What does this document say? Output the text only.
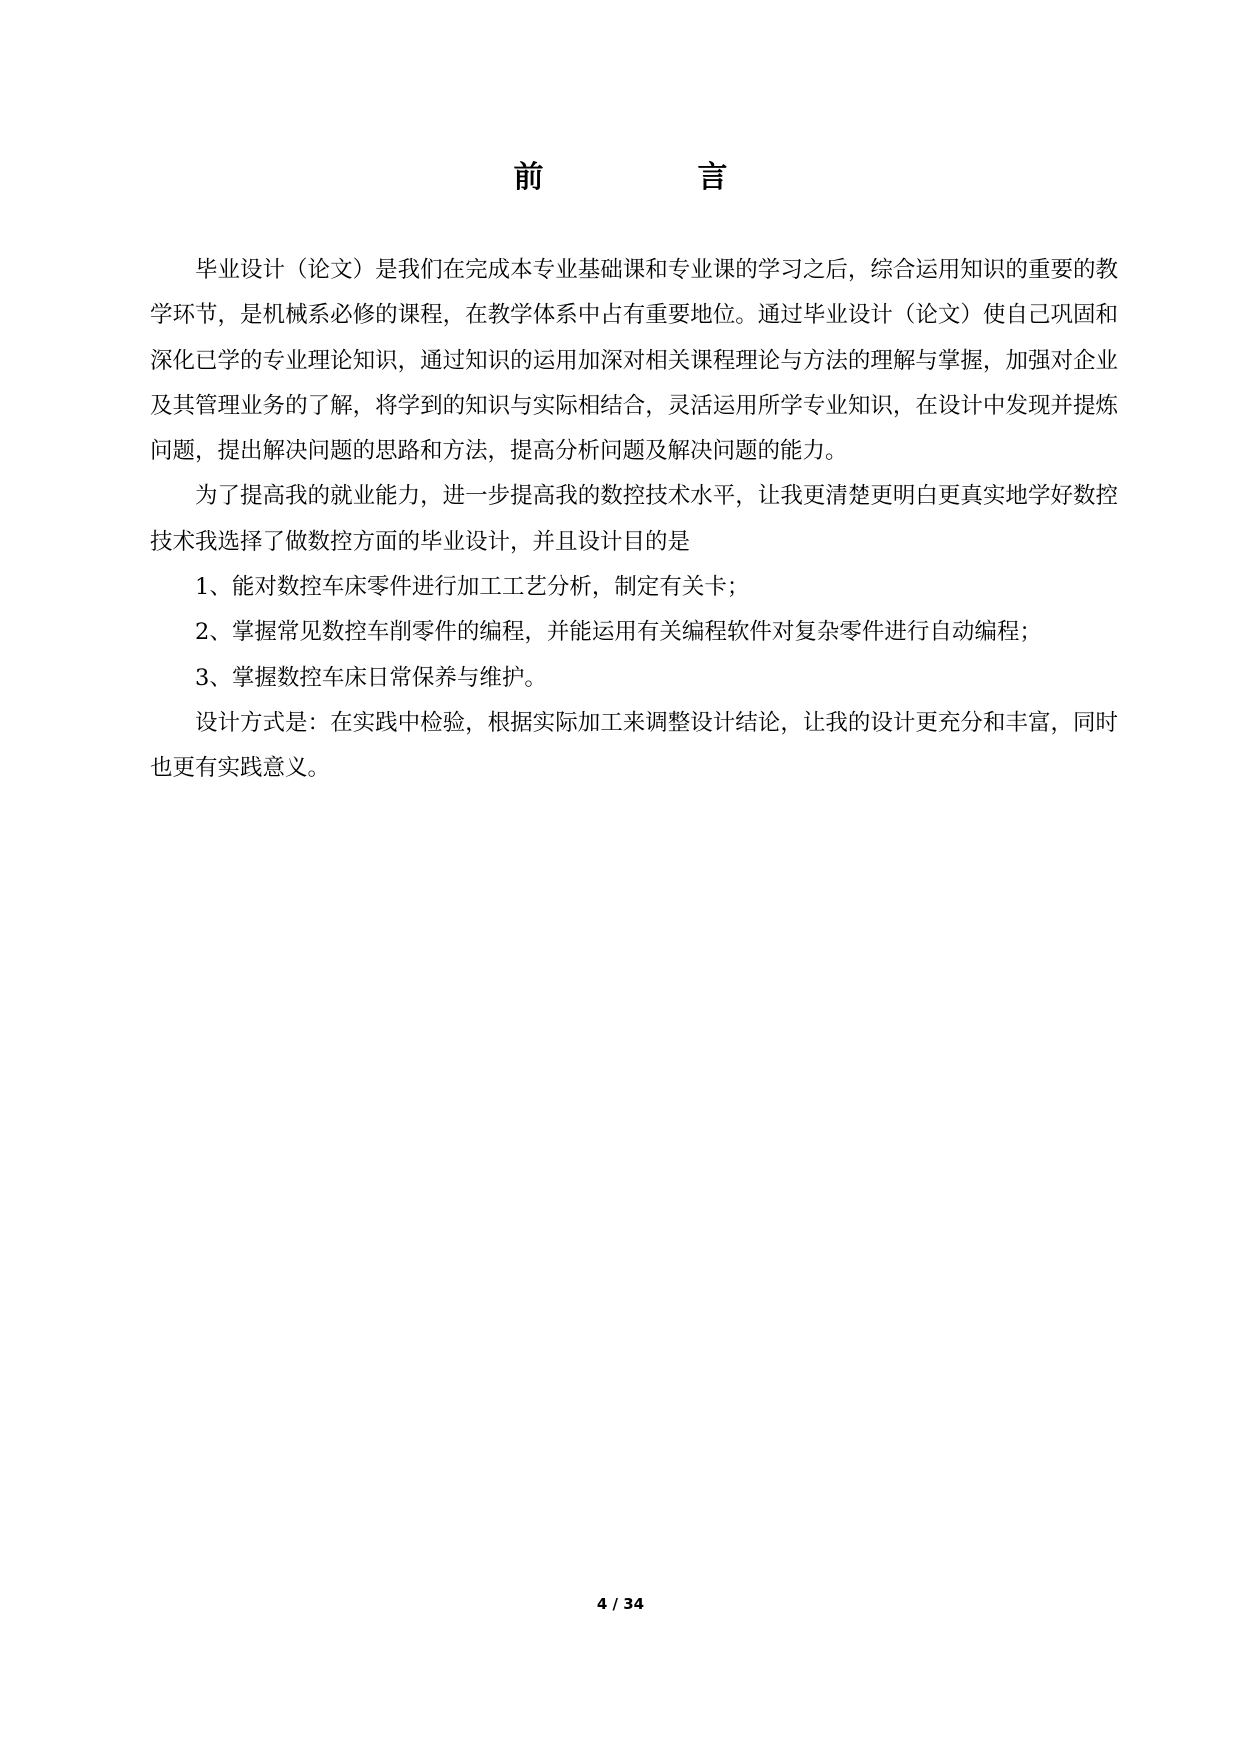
前　言

毕业设计（论文）是我们在完成本专业基础课和专业课的学习之后，综合运用知识的重要的教学环节，是机械系必修的课程，在教学体系中占有重要地位。通过毕业设计（论文）使自己巩固和深化已学的专业理论知识，通过知识的运用加深对相关课程理论与方法的理解与掌握，加强对企业及其管理业务的了解，将学到的知识与实际相结合，灵活运用所学专业知识，在设计中发现并提炼问题，提出解决问题的思路和方法，提高分析问题及解决问题的能力。

为了提高我的就业能力，进一步提高我的数控技术水平，让我更清楚更明白更真实地学好数控技术我选择了做数控方面的毕业设计，并且设计目的是

1、能对数控车床零件进行加工工艺分析，制定有关卡；

2、掌握常见数控车削零件的编程，并能运用有关编程软件对复杂零件进行自动编程；

3、掌握数控车床日常保养与维护。

设计方式是：在实践中检验，根据实际加工来调整设计结论，让我的设计更充分和丰富，同时也更有实践意义。

4 / 34
